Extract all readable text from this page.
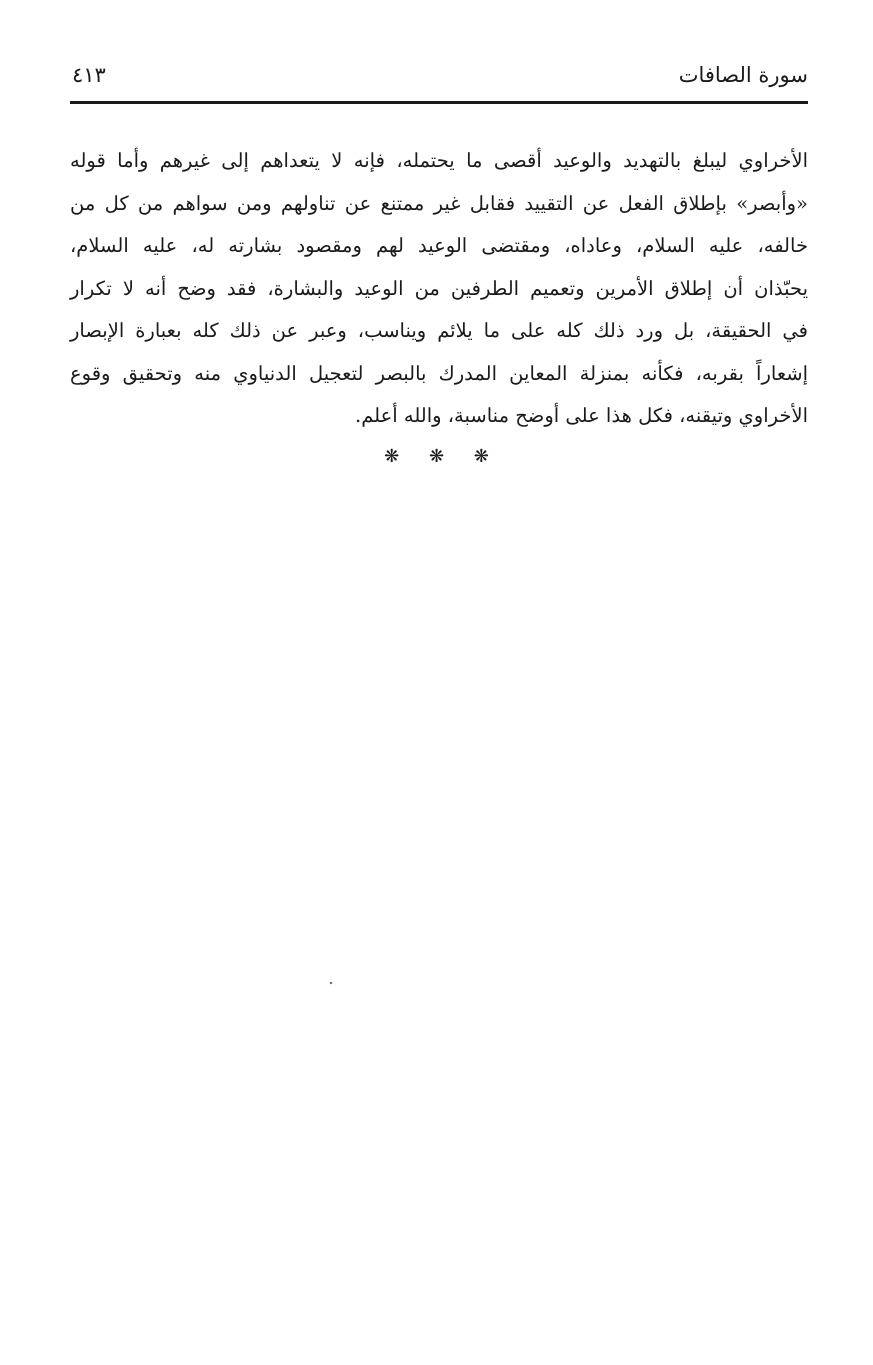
سورة الصافات
٤١٣
الأخراوي ليبلغ بالتهديد والوعيد أقصى ما يحتمله، فإنه لا يتعداهم إلى غيرهم وأما قوله
«وأبصر» بإطلاق الفعل عن التقييد فقابل غير ممتنع عن تناولهم ومن سواهم من كل من
خالفه، عليه السلام، وعاداه، ومقتضى الوعيد لهم ومقصود بشارته له، عليه السلام،
يحبّذان أن إطلاق الأمرين وتعميم الطرفين من الوعيد والبشارة، فقد وضح أنه لا تكرار
في الحقيقة، بل ورد ذلك كله على ما يلائم ويناسب، وعبر عن ذلك كله بعبارة الإبصار
إشعاراً بقربه، فكأنه بمنزلة المعاين المدرك بالبصر لتعجيل الدنياوي منه وتحقيق وقوع
الأخراوي وتيقنه، فكل هذا على أوضح مناسبة، والله أعلم.
❋ ❋ ❋
